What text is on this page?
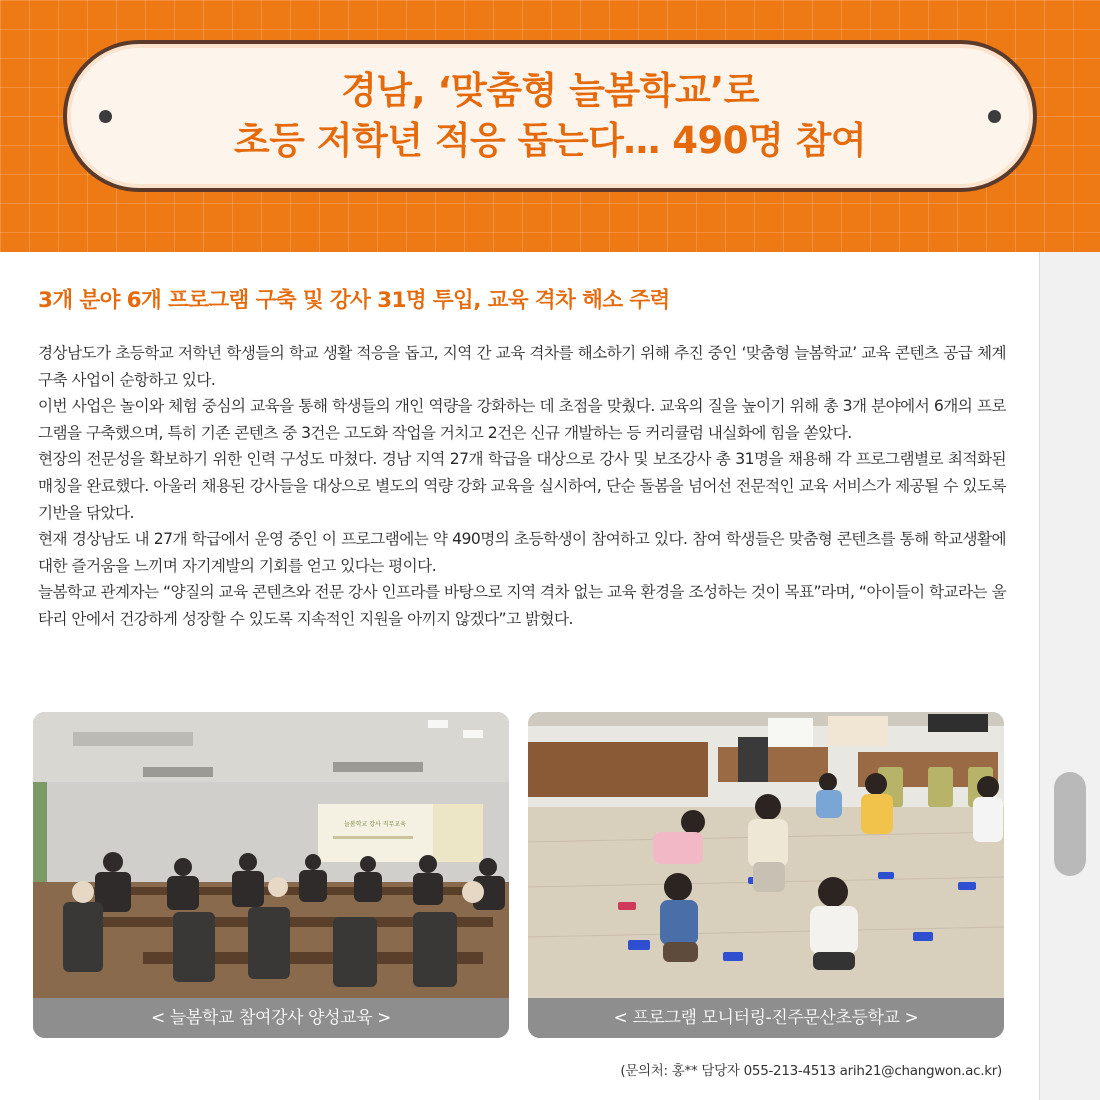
경남, ‘맞춤형 늘봄학교’로
초등 저학년 적응 돕는다… 490명 참여
3개 분야 6개 프로그램 구축 및 강사 31명 투입, 교육 격차 해소 주력

경상남도가 초등학교 저학년 학생들의 학교 생활 적응을 돕고, 지역 간 교육 격차를 해소하기 위해 추진 중인 ‘맞춤형 늘봄학교’ 교육 콘텐츠 공급 체계 구축 사업이 순항하고 있다.

이번 사업은 놀이와 체험 중심의 교육을 통해 학생들의 개인 역량을 강화하는 데 초점을 맞췄다. 교육의 질을 높이기 위해 총 3개 분야에서 6개의 프로그램을 구축했으며, 특히 기존 콘텐츠 중 3건은 고도화 작업을 거치고 2건은 신규 개발하는 등 커리큘럼 내실화에 힘을 쏟았다.

현장의 전문성을 확보하기 위한 인력 구성도 마쳤다. 경남 지역 27개 학급을 대상으로 강사 및 보조강사 총 31명을 채용해 각 프로그램별로 최적화된 매칭을 완료했다. 아울러 채용된 강사들을 대상으로 별도의 역량 강화 교육을 실시하여, 단순 돌봄을 넘어선 전문적인 교육 서비스가 제공될 수 있도록 기반을 닦았다.

현재 경상남도 내 27개 학급에서 운영 중인 이 프로그램에는 약 490명의 초등학생이 참여하고 있다. 참여 학생들은 맞춤형 콘텐츠를 통해 학교생활에 대한 즐거움을 느끼며 자기계발의 기회를 얻고 있다는 평이다.

늘봄학교 관계자는 “양질의 교육 콘텐츠와 전문 강사 인프라를 바탕으로 지역 격차 없는 교육 환경을 조성하는 것이 목표”라며, “아이들이 학교라는 울타리 안에서 건강하게 성장할 수 있도록 지속적인 지원을 아끼지 않겠다”고 밝혔다.

늘봄학교 강사 직무교육
< 늘봄학교 참여강사 양성교육 >	< 프로그램 모니터링-진주문산초등학교 >
(문의처: 홍** 담당자 055-213-4513 arih21@changwon.ac.kr)
